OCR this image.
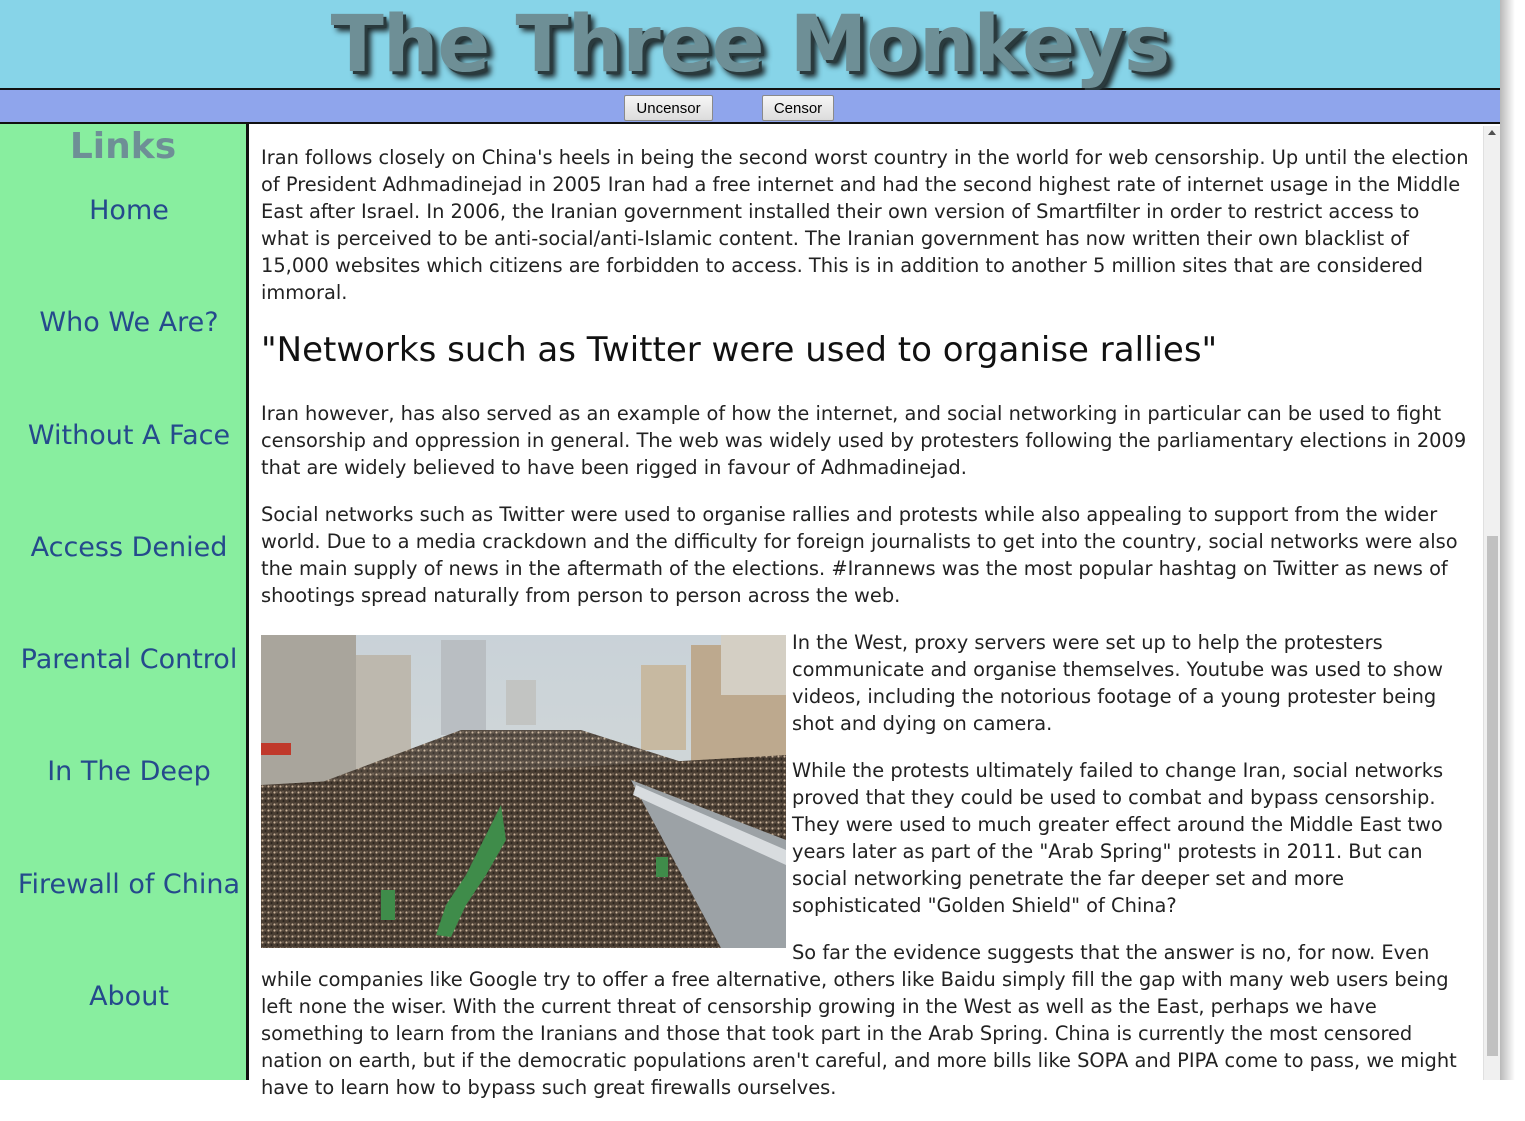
The Three Monkeys
Uncensor	Censor
Links
Home
Who We Are?
Without A Face
Access Denied
Parental Control
In The Deep
Firewall of China
About

Iran follows closely on China's heels in being the second worst country in the world for web censorship. Up until the election of President Adhmadinejad in 2005 Iran had a free internet and had the second highest rate of internet usage in the Middle East after Israel. In 2006, the Iranian government installed their own version of Smartfilter in order to restrict access to what is perceived to be anti-social/anti-Islamic content. The Iranian government has now written their own blacklist of 15,000 websites which citizens are forbidden to access. This is in addition to another 5 million sites that are considered immoral.

"Networks such as Twitter were used to organise rallies"

Iran however, has also served as an example of how the internet, and social networking in particular can be used to fight censorship and oppression in general. The web was widely used by protesters following the parliamentary elections in 2009 that are widely believed to have been rigged in favour of Adhmadinejad.

Social networks such as Twitter were used to organise rallies and protests while also appealing to support from the wider world. Due to a media crackdown and the difficulty for foreign journalists to get into the country, social networks were also the main supply of news in the aftermath of the elections. #Irannews was the most popular hashtag on Twitter as news of shootings spread naturally from person to person across the web.

In the West, proxy servers were set up to help the protesters communicate and organise themselves. Youtube was used to show videos, including the notorious footage of a young protester being shot and dying on camera.

While the protests ultimately failed to change Iran, social networks proved that they could be used to combat and bypass censorship. They were used to much greater effect around the Middle East two years later as part of the "Arab Spring" protests in 2011. But can social networking penetrate the far deeper set and more sophisticated "Golden Shield" of China?

So far the evidence suggests that the answer is no, for now. Even while companies like Google try to offer a free alternative, others like Baidu simply fill the gap with many web users being left none the wiser. With the current threat of censorship growing in the West as well as the East, perhaps we have something to learn from the Iranians and those that took part in the Arab Spring. China is currently the most censored nation on earth, but if the democratic populations aren't careful, and more bills like SOPA and PIPA come to pass, we might have to learn how to bypass such great firewalls ourselves.
